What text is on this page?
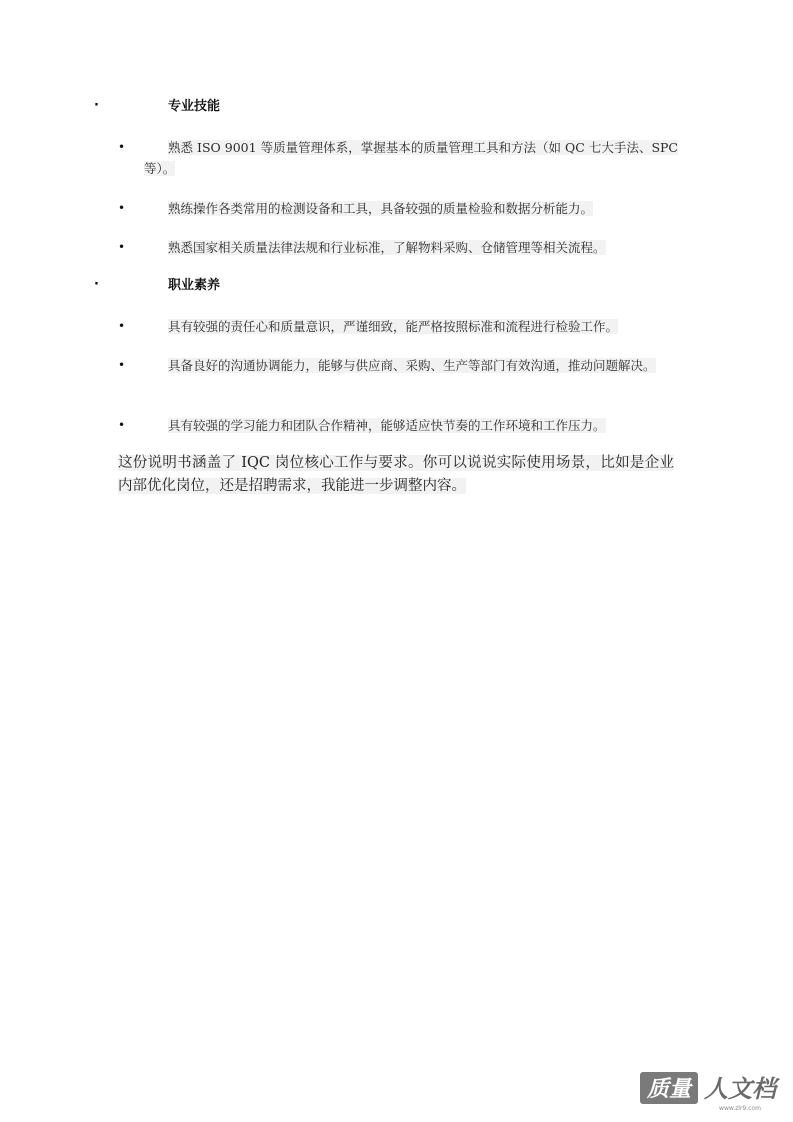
·	专业技能
•	熟悉 ISO 9001 等质量管理体系，掌握基本的质量管理工具和方法（如 QC 七大手法、SPC 等）。
•	熟练操作各类常用的检测设备和工具，具备较强的质量检验和数据分析能力。
•	熟悉国家相关质量法律法规和行业标准，了解物料采购、仓储管理等相关流程。
·	职业素养
•	具有较强的责任心和质量意识，严谨细致，能严格按照标准和流程进行检验工作。
•	具备良好的沟通协调能力，能够与供应商、采购、生产等部门有效沟通，推动问题解决。
•	具有较强的学习能力和团队合作精神，能够适应快节奏的工作环境和工作压力。
这份说明书涵盖了 IQC 岗位核心工作与要求。你可以说说实际使用场景，比如是企业内部优化岗位，还是招聘需求，我能进一步调整内容。
质量 人文档
www.zlr9.com
